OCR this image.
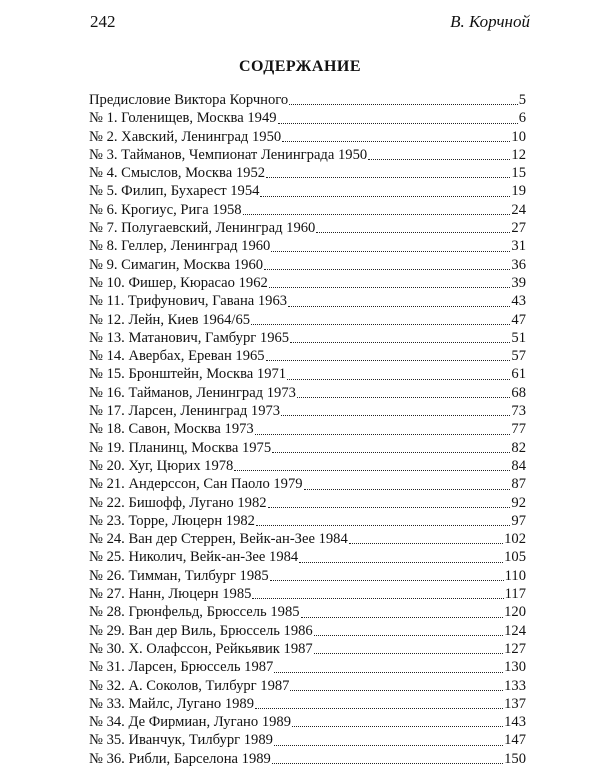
242	В. Корчной
СОДЕРЖАНИЕ
Предисловие Виктора Корчного	5
№ 1. Голенищев, Москва 1949	6
№ 2. Хавский, Ленинград 1950	10
№ 3. Тайманов, Чемпионат Ленинграда 1950	12
№ 4. Смыслов, Москва 1952	15
№ 5. Филип, Бухарест 1954	19
№ 6. Крогиус, Рига 1958	24
№ 7. Полугаевский, Ленинград 1960	27
№ 8. Геллер, Ленинград 1960	31
№ 9. Симагин, Москва 1960	36
№ 10. Фишер, Кюрасао 1962	39
№ 11. Трифунович, Гавана 1963	43
№ 12. Лейн, Киев 1964/65	47
№ 13. Матанович, Гамбург 1965	51
№ 14. Авербах, Ереван 1965	57
№ 15. Бронштейн, Москва 1971	61
№ 16. Тайманов, Ленинград 1973	68
№ 17. Ларсен, Ленинград 1973	73
№ 18. Савон, Москва 1973	77
№ 19. Планинц, Москва 1975	82
№ 20. Хуг, Цюрих 1978	84
№ 21. Андерссон, Сан Паоло 1979	87
№ 22. Бишофф, Лугано 1982	92
№ 23. Торре, Люцерн 1982	97
№ 24. Ван дер Стеррен, Вейк-ан-Зее 1984	102
№ 25. Николич, Вейк-ан-Зее 1984	105
№ 26. Тимман, Тилбург 1985	110
№ 27. Нанн, Люцерн 1985	117
№ 28. Грюнфельд, Брюссель 1985	120
№ 29. Ван дер Виль, Брюссель 1986	124
№ 30. Х. Олафссон, Рейкьявик 1987	127
№ 31. Ларсен, Брюссель 1987	130
№ 32. А. Соколов, Тилбург 1987	133
№ 33. Майлс, Лугано 1989	137
№ 34. Де Фирмиан, Лугано 1989	143
№ 35. Иванчук, Тилбург 1989	147
№ 36. Рибли, Барселона 1989	150
